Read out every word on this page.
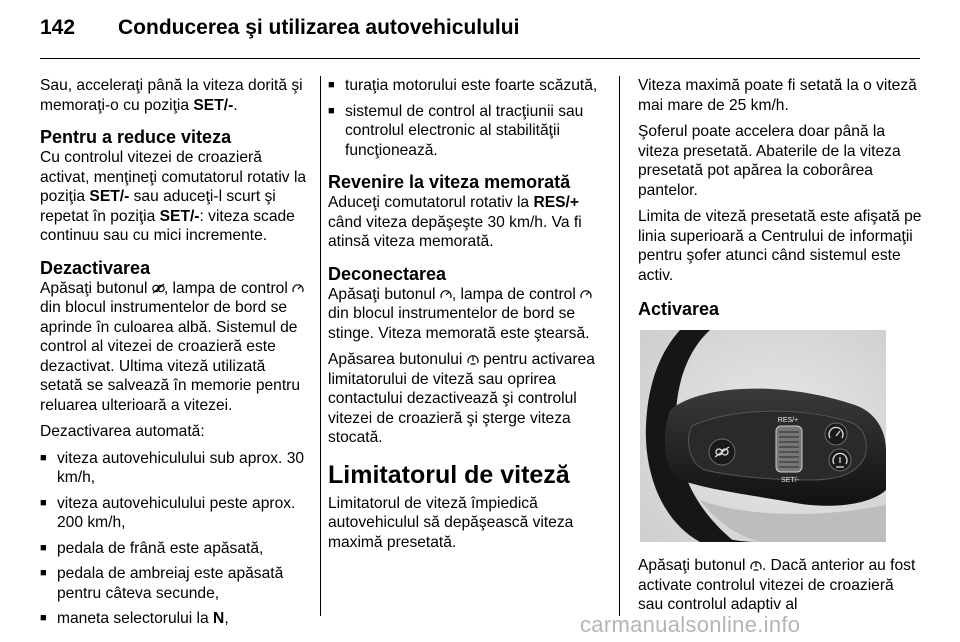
142 Conducerea şi utilizarea autovehiculului

Sau, acceleraţi până la viteza dorită şi memoraţi-o cu poziţia SET/-.

Pentru a reduce viteza

Cu controlul vitezei de croazieră activat, menţineţi comutatorul rotativ la poziţia SET/- sau aduceţi-l scurt şi repetat în poziţia SET/-: viteza scade continuu sau cu mici incremente.

Dezactivarea

Apăsaţi butonul , lampa de control  din blocul instrumentelor de bord se aprinde în culoarea albă. Sistemul de control al vitezei de croazieră este dezactivat. Ultima viteză utilizată setată se salvează în memorie pentru reluarea ulterioară a vitezei.

Dezactivarea automată:

■ viteza autovehiculului sub aprox. 30 km/h,
■ viteza autovehiculului peste aprox. 200 km/h,
■ pedala de frână este apăsată,
■ pedala de ambreiaj este apăsată pentru câteva secunde,
■ maneta selectorului la N,
■ turaţia motorului este foarte scăzută,
■ sistemul de control al tracţiunii sau controlul electronic al stabilităţii funcţionează.
Revenire la viteza memorată

Aduceţi comutatorul rotativ la RES/+ când viteza depăşeşte 30 km/h. Va fi atinsă viteza memorată.

Deconectarea

Apăsaţi butonul , lampa de control  din blocul instrumentelor de bord se stinge. Viteza memorată este ştearsă.

Apăsarea butonului pentru activarea limitatorului de viteză sau oprirea contactului dezactivează şi controlul vitezei de croazieră şi şterge viteza stocată.

Limitatorul de viteză

Limitatorul de viteză împiedică autovehiculul să depăşească viteza maximă presetată.

Viteza maximă poate fi setată la o viteză mai mare de 25 km/h.

Şoferul poate accelera doar până la viteza presetată. Abaterile de la viteza presetată pot apărea la coborârea pantelor.

Limita de viteză presetată este afişată pe linia superioară a Centrului de informaţii pentru şofer atunci când sistemul este activ.

Activarea
RES/+
SET/-

Apăsaţi butonul . Dacă anterior au fost activate controlul vitezei de croazieră sau controlul adaptiv al

carmanualsonline.info
